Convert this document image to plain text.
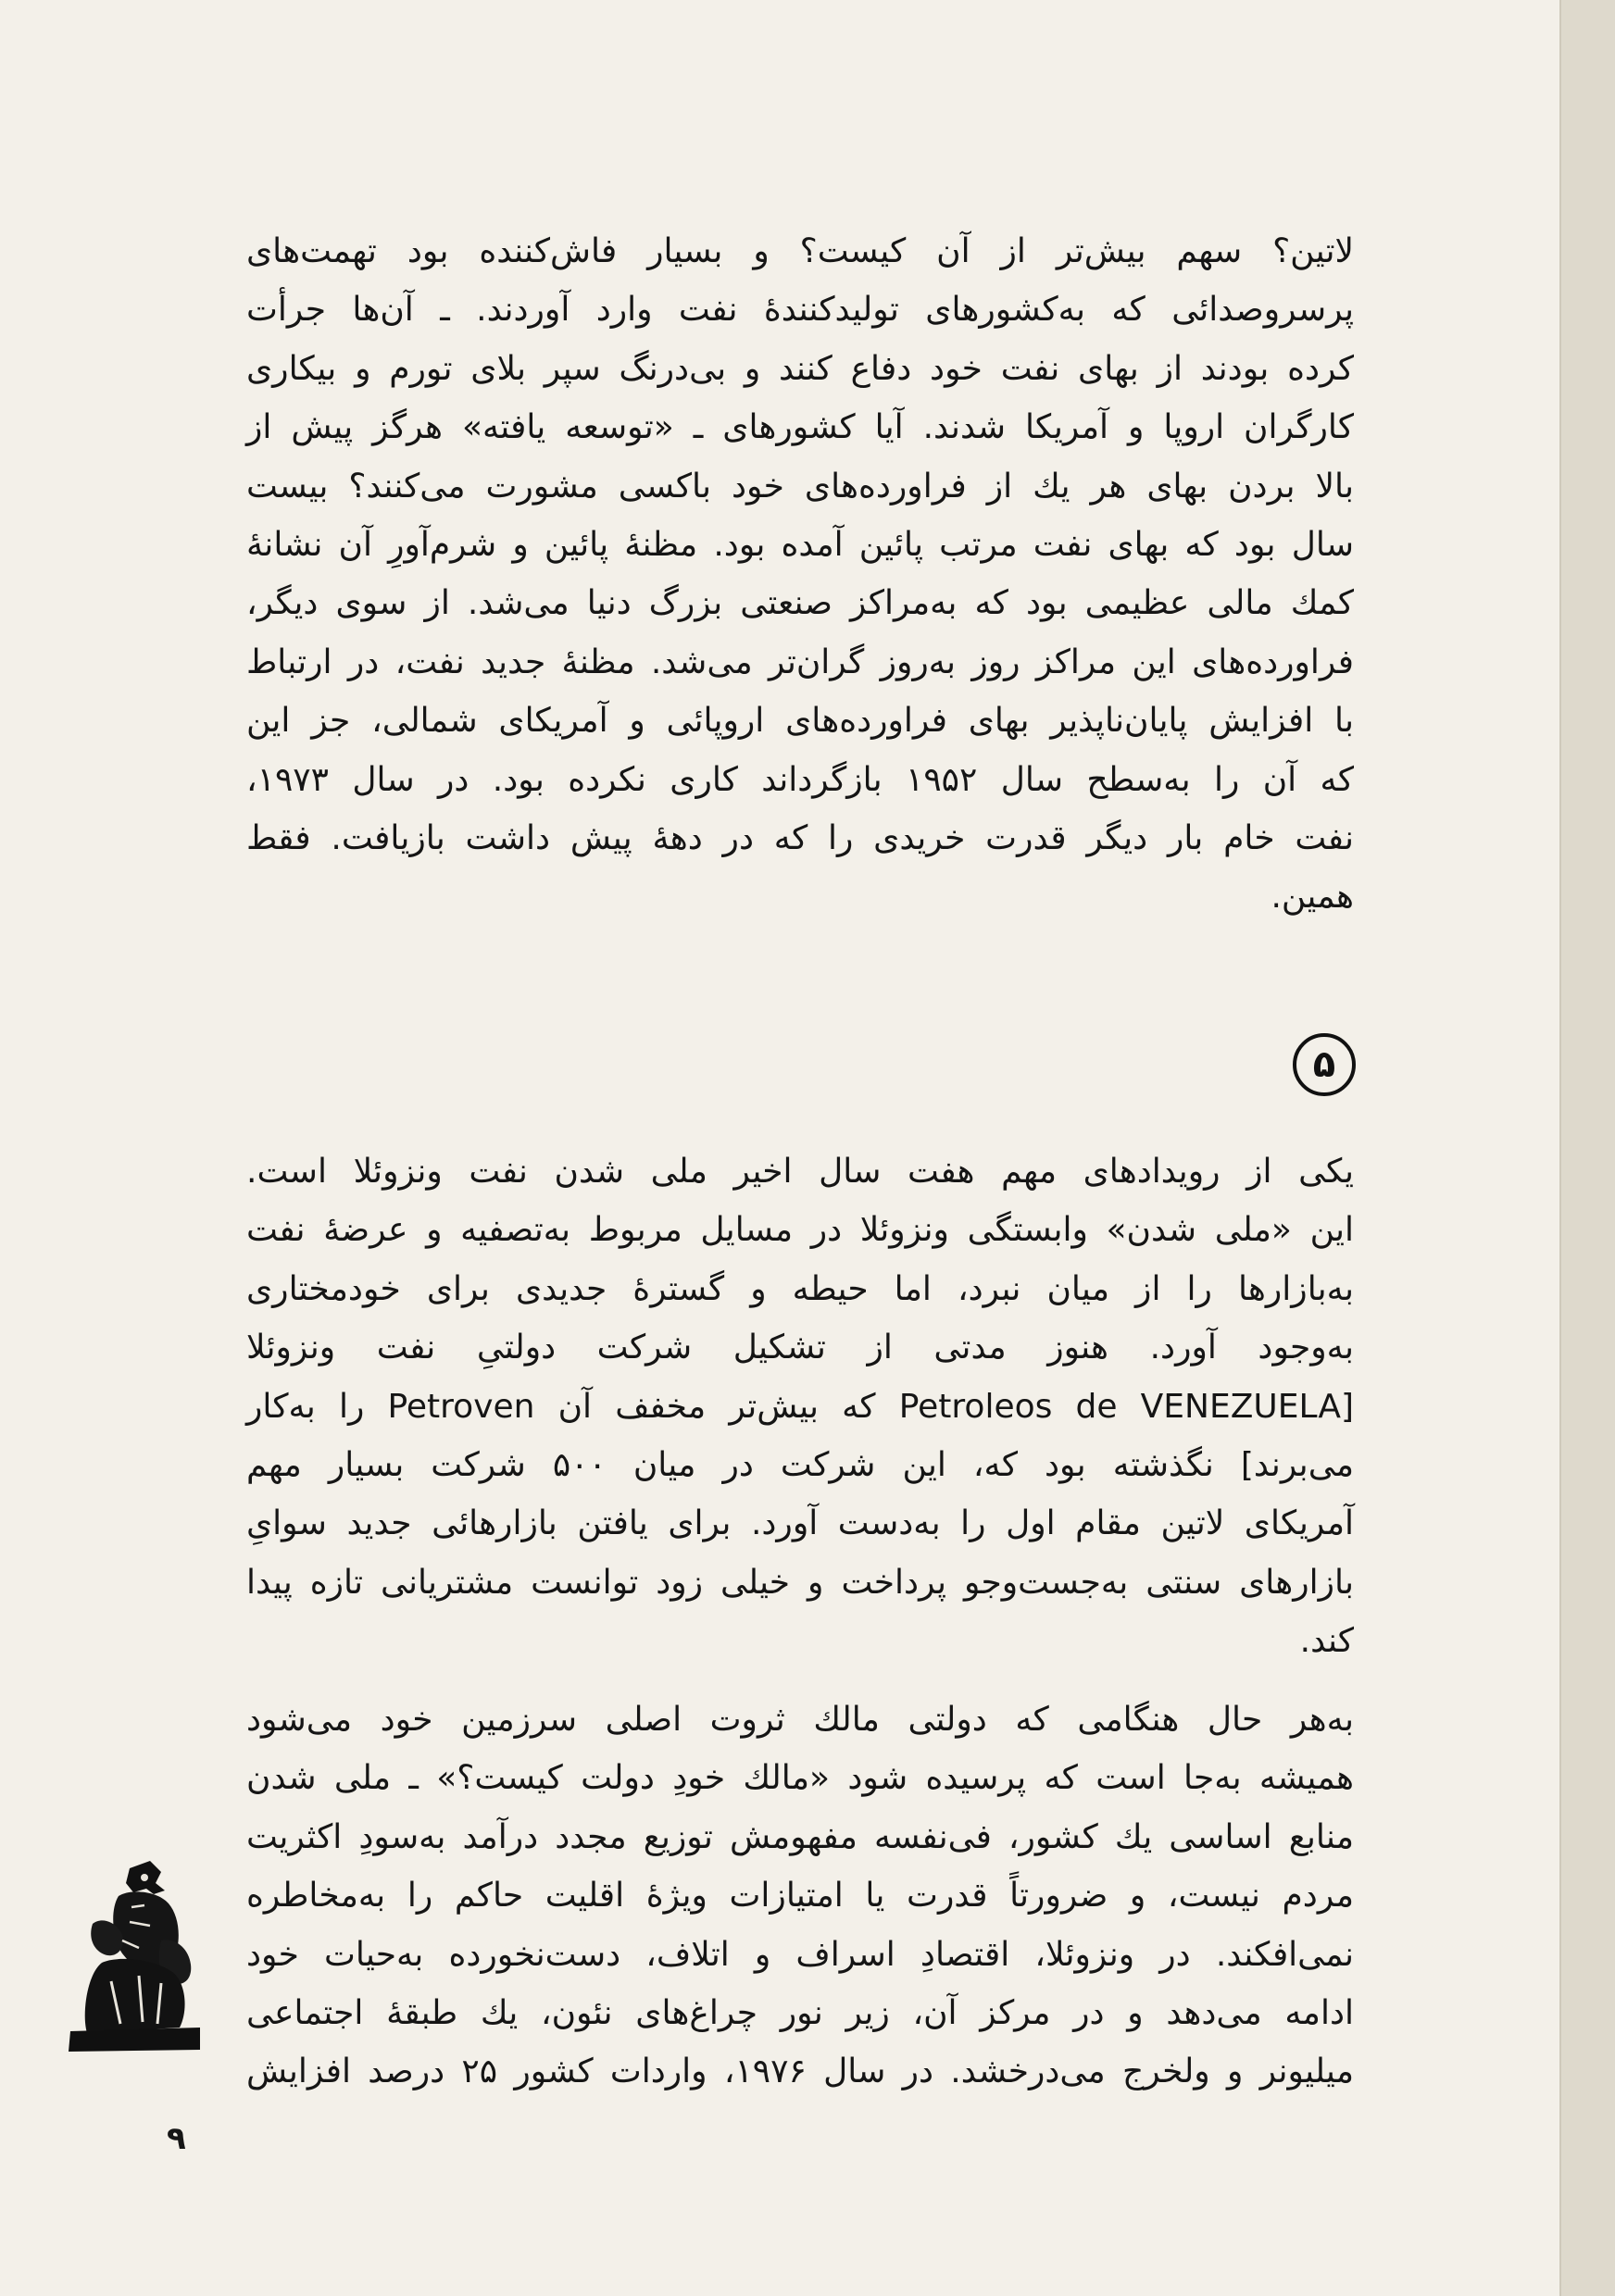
لاتین؟ سهم بیش‌تر از آن کیست؟ و بسیار فاش‌کننده بود تهمت‌های
پرسروصدائی که به‌کشورهای تولیدکنندهٔ نفت وارد آوردند. ـ آن‌ها جرأت
کرده بودند از بهای نفت خود دفاع کنند و بی‌درنگ سپر بلای تورم و بیکاری
کارگران اروپا و آمریکا شدند. آیا کشورهای ـ «توسعه یافته» هرگز پیش از
بالا بردن بهای هر یك از فراورده‌های خود باکسی مشورت می‌کنند؟ بیست
سال بود که بهای نفت مرتب پائین آمده بود. مظنهٔ پائین و شرم‌آورِ آن نشانهٔ
کمك مالی عظیمی بود که به‌مراکز صنعتی بزرگ دنیا می‌شد. از سوی دیگر،
فراورده‌های این مراکز روز به‌روز گران‌تر می‌شد. مظنهٔ جدید نفت، در ارتباط
با افزایش پایان‌ناپذیر بهای فراورده‌های اروپائی و آمریکای شمالی، جز این
که آن را به‌سطح سال ۱۹۵۲ بازگرداند کاری نکرده بود. در سال ۱۹۷۳،
نفت خام بار دیگر قدرت خریدی را که در دههٔ پیش داشت بازیافت. فقط
همین.
۵
یکی از رویدادهای مهم هفت سال اخیر ملی شدن نفت ونزوئلا است.
این «ملی شدن» وابستگی ونزوئلا در مسایل مربوط به‌تصفیه و عرضهٔ نفت
به‌بازارها را از میان نبرد، اما حیطه و گسترهٔ جدیدی برای خودمختاری
به‌وجود آورد. هنوز مدتی از تشکیل شرکت دولتیِ نفت ونزوئلا
[Petroleos de VENEZUELA که بیش‌تر مخفف آن Petroven را به‌کار
می‌برند] نگذشته بود که، این شرکت در میان ۵۰۰ شرکت بسیار مهم
آمریکای لاتین مقام اول را به‌دست آورد. برای یافتن بازارهائی جدید سوایِ
بازارهای سنتی به‌جست‌وجو پرداخت و خیلی زود توانست مشتریانی تازه پیدا
کند.
به‌هر حال هنگامی که دولتی مالك ثروت اصلی سرزمین خود می‌شود
همیشه به‌جا است که پرسیده شود «مالك خودِ دولت کیست؟» ـ ملی شدن
منابع اساسی یك کشور، فی‌نفسه مفهومش توزیع مجدد درآمد به‌سودِ اکثریت
مردم نیست، و ضرورتاً قدرت یا امتیازات ویژهٔ اقلیت حاکم را به‌مخاطره
نمی‌افکند. در ونزوئلا، اقتصادِ اسراف و اتلاف، دست‌نخورده به‌حیات خود
ادامه می‌دهد و در مرکز آن، زیر نور چراغ‌های نئون، یك طبقهٔ اجتماعی
میلیونر و ولخرج می‌درخشد. در سال ۱۹۷۶، واردات کشور ۲۵ درصد افزایش
۹
